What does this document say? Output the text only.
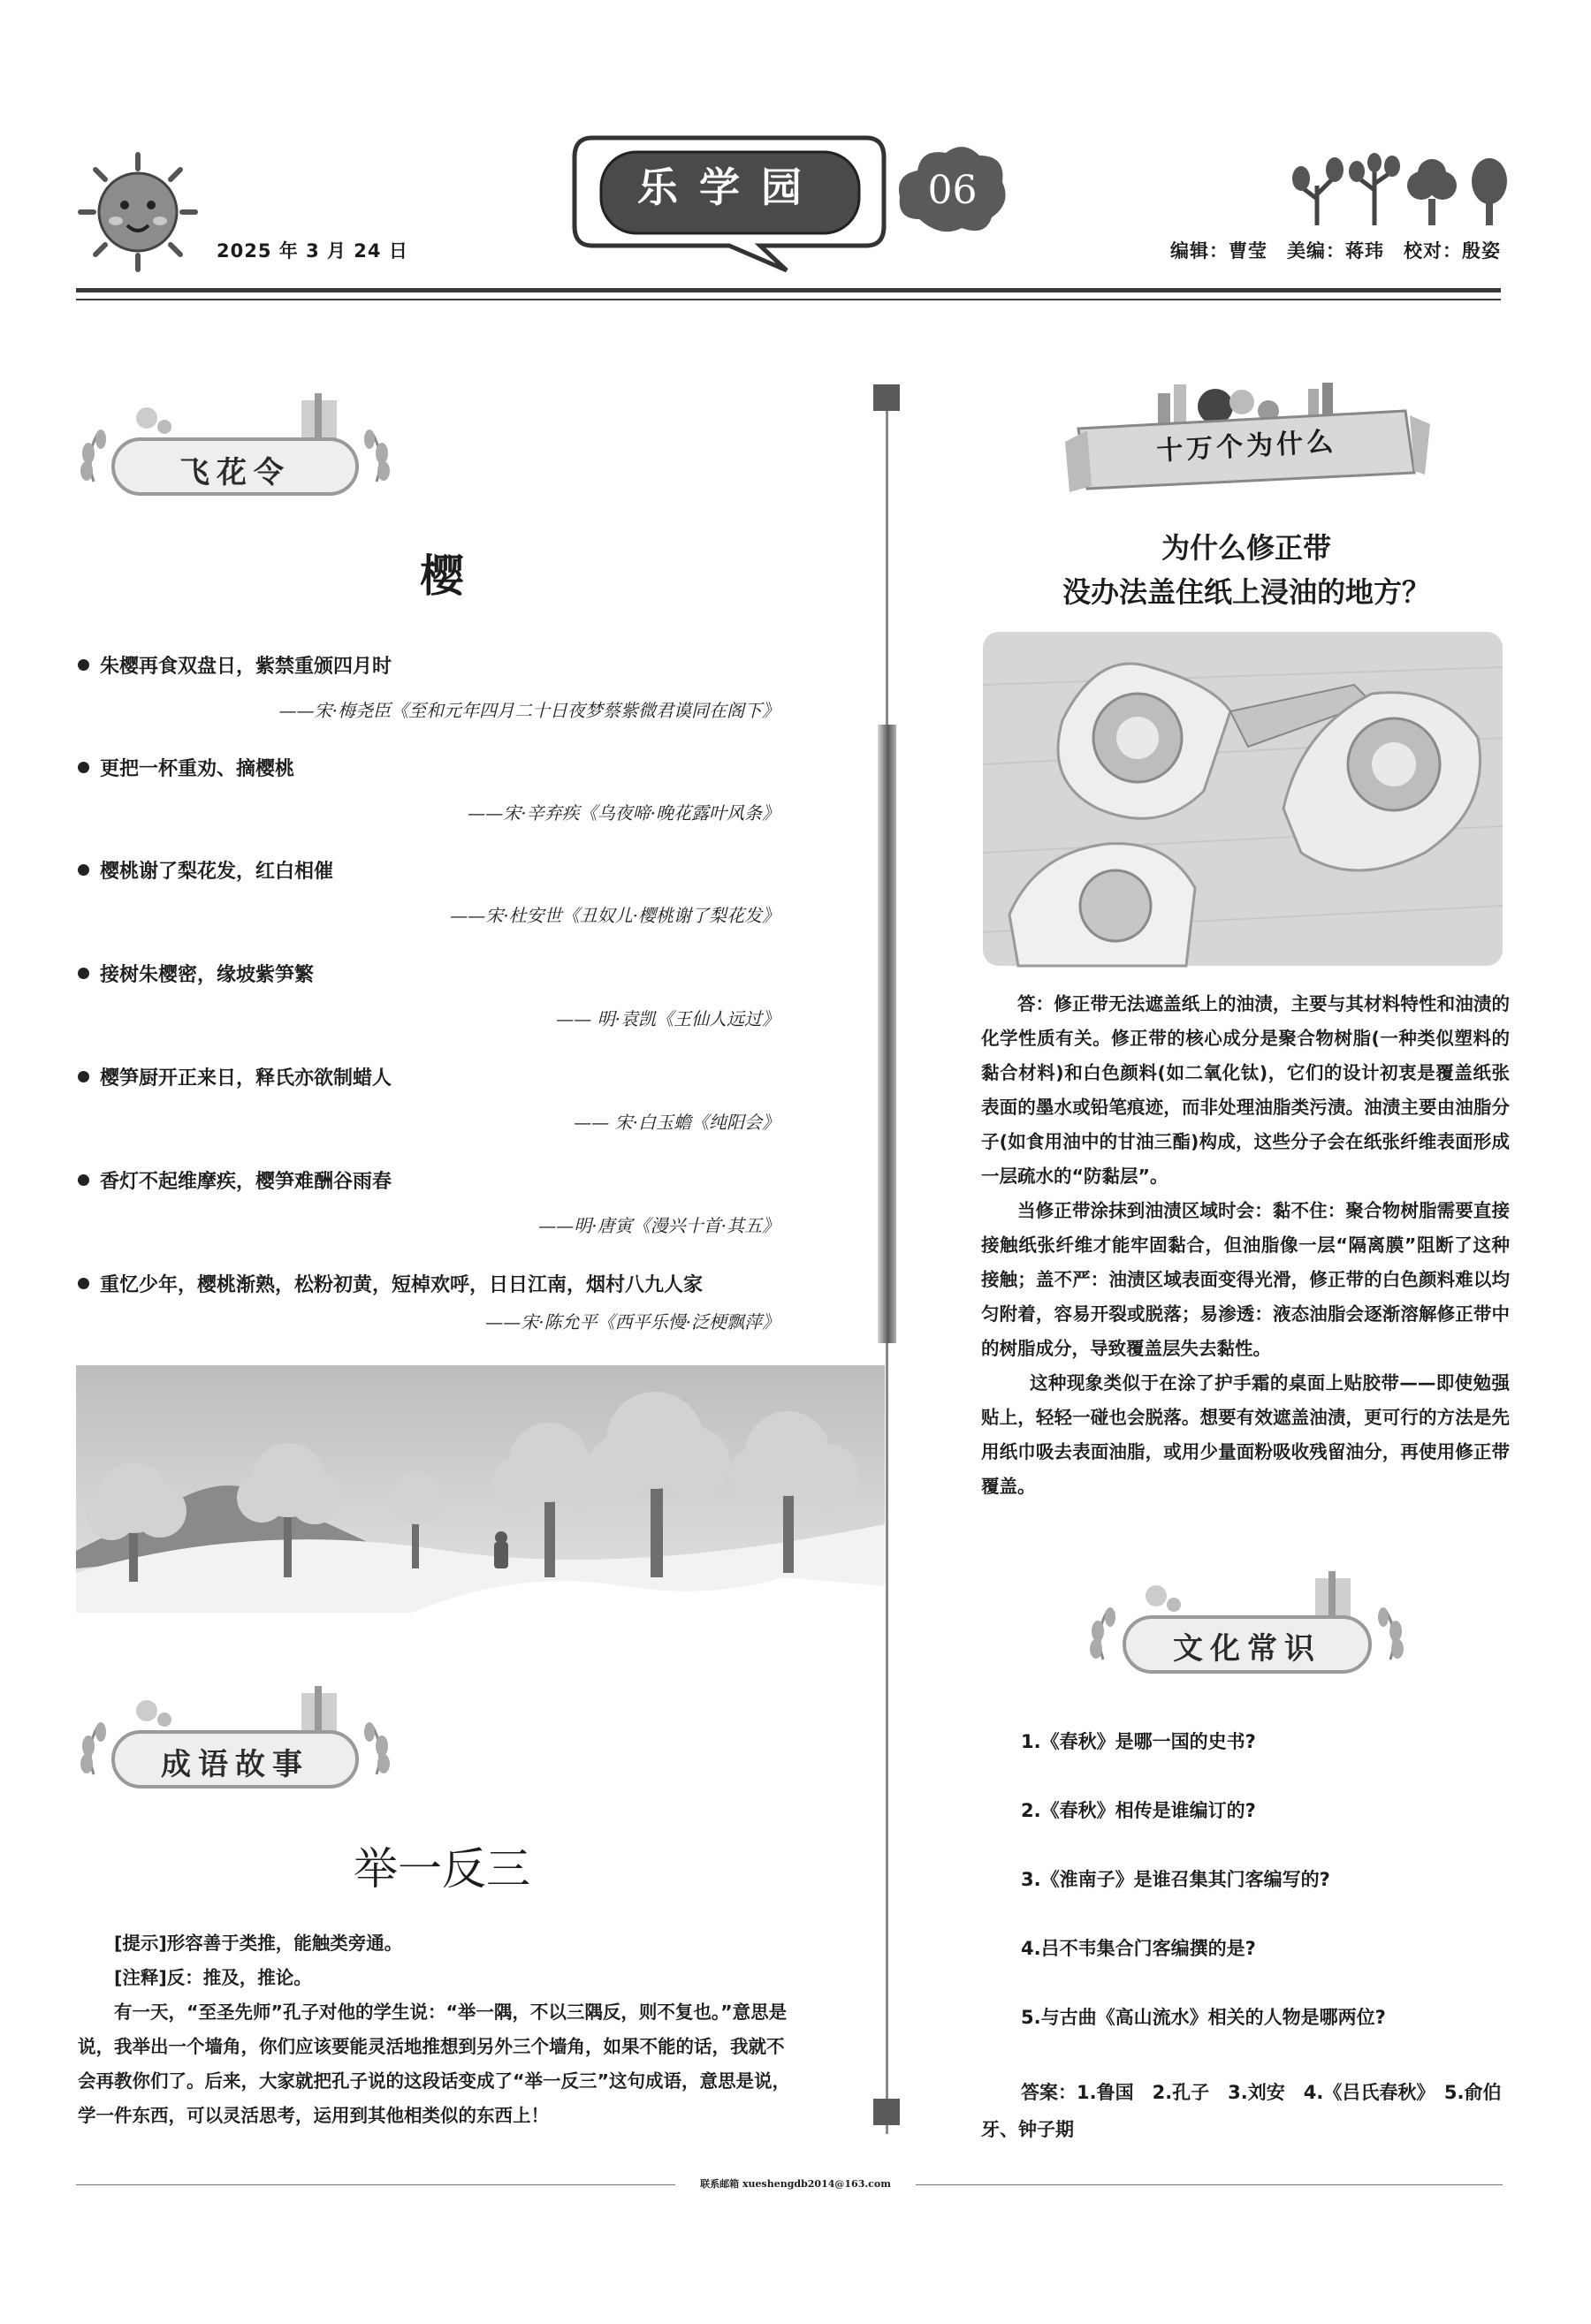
2025 年 3 月 24 日
乐学园	06
编辑：曹莹　美编：蒋玮　校对：殷姿
飞花令
樱
朱樱再食双盘日，紫禁重颁四月时
——宋·梅尧臣《至和元年四月二十日夜梦蔡紫微君谟同在阁下》
更把一杯重劝、摘樱桃
——宋·辛弃疾《乌夜啼·晚花露叶风条》
樱桃谢了梨花发，红白相催
——宋·杜安世《丑奴儿·樱桃谢了梨花发》
接树朱樱密，缘坡紫笋繁
—— 明·袁凯《王仙人远过》
樱笋厨开正来日，释氏亦欲制蜡人
—— 宋·白玉蟾《纯阳会》
香灯不起维摩疾，樱笋难酬谷雨春
——明·唐寅《漫兴十首·其五》
重忆少年，樱桃渐熟，松粉初黄，短棹欢呼，日日江南，烟村八九人家
——宋·陈允平《西平乐慢·泛梗飘萍》
成语故事
举一反三

[提示]形容善于类推，能触类旁通。

[注释]反：推及，推论。

有一天，“至圣先师”孔子对他的学生说：“举一隅，不以三隅反，则不复也。”意思是说，我举出一个墙角，你们应该要能灵活地推想到另外三个墙角，如果不能的话，我就不会再教你们了。后来，大家就把孔子说的这段话变成了“举一反三”这句成语，意思是说，学一件东西，可以灵活思考，运用到其他相类似的东西上！

十万个为什么
为什么修正带
没办法盖住纸上浸油的地方？

答：修正带无法遮盖纸上的油渍，主要与其材料特性和油渍的化学性质有关。修正带的核心成分是聚合物树脂(一种类似塑料的黏合材料)和白色颜料(如二氧化钛)，它们的设计初衷是覆盖纸张表面的墨水或铅笔痕迹，而非处理油脂类污渍。油渍主要由油脂分子(如食用油中的甘油三酯)构成，这些分子会在纸张纤维表面形成一层疏水的“防黏层”。

当修正带涂抹到油渍区域时会：黏不住：聚合物树脂需要直接接触纸张纤维才能牢固黏合，但油脂像一层“隔离膜”阻断了这种接触；盖不严：油渍区域表面变得光滑，修正带的白色颜料难以均匀附着，容易开裂或脱落；易渗透：液态油脂会逐渐溶解修正带中的树脂成分，导致覆盖层失去黏性。

这种现象类似于在涂了护手霜的桌面上贴胶带——即使勉强贴上，轻轻一碰也会脱落。想要有效遮盖油渍，更可行的方法是先用纸巾吸去表面油脂，或用少量面粉吸收残留油分，再使用修正带覆盖。

文化常识
1.《春秋》是哪一国的史书?
2.《春秋》相传是谁编订的?
3.《淮南子》是谁召集其门客编写的?
4.吕不韦集合门客编撰的是?
5.与古曲《高山流水》相关的人物是哪两位?
答案：1.鲁国　2.孔子　3.刘安　4.《吕氏春秋》　5.俞伯牙、钟子期
联系邮箱 xueshengdb2014@163.com
